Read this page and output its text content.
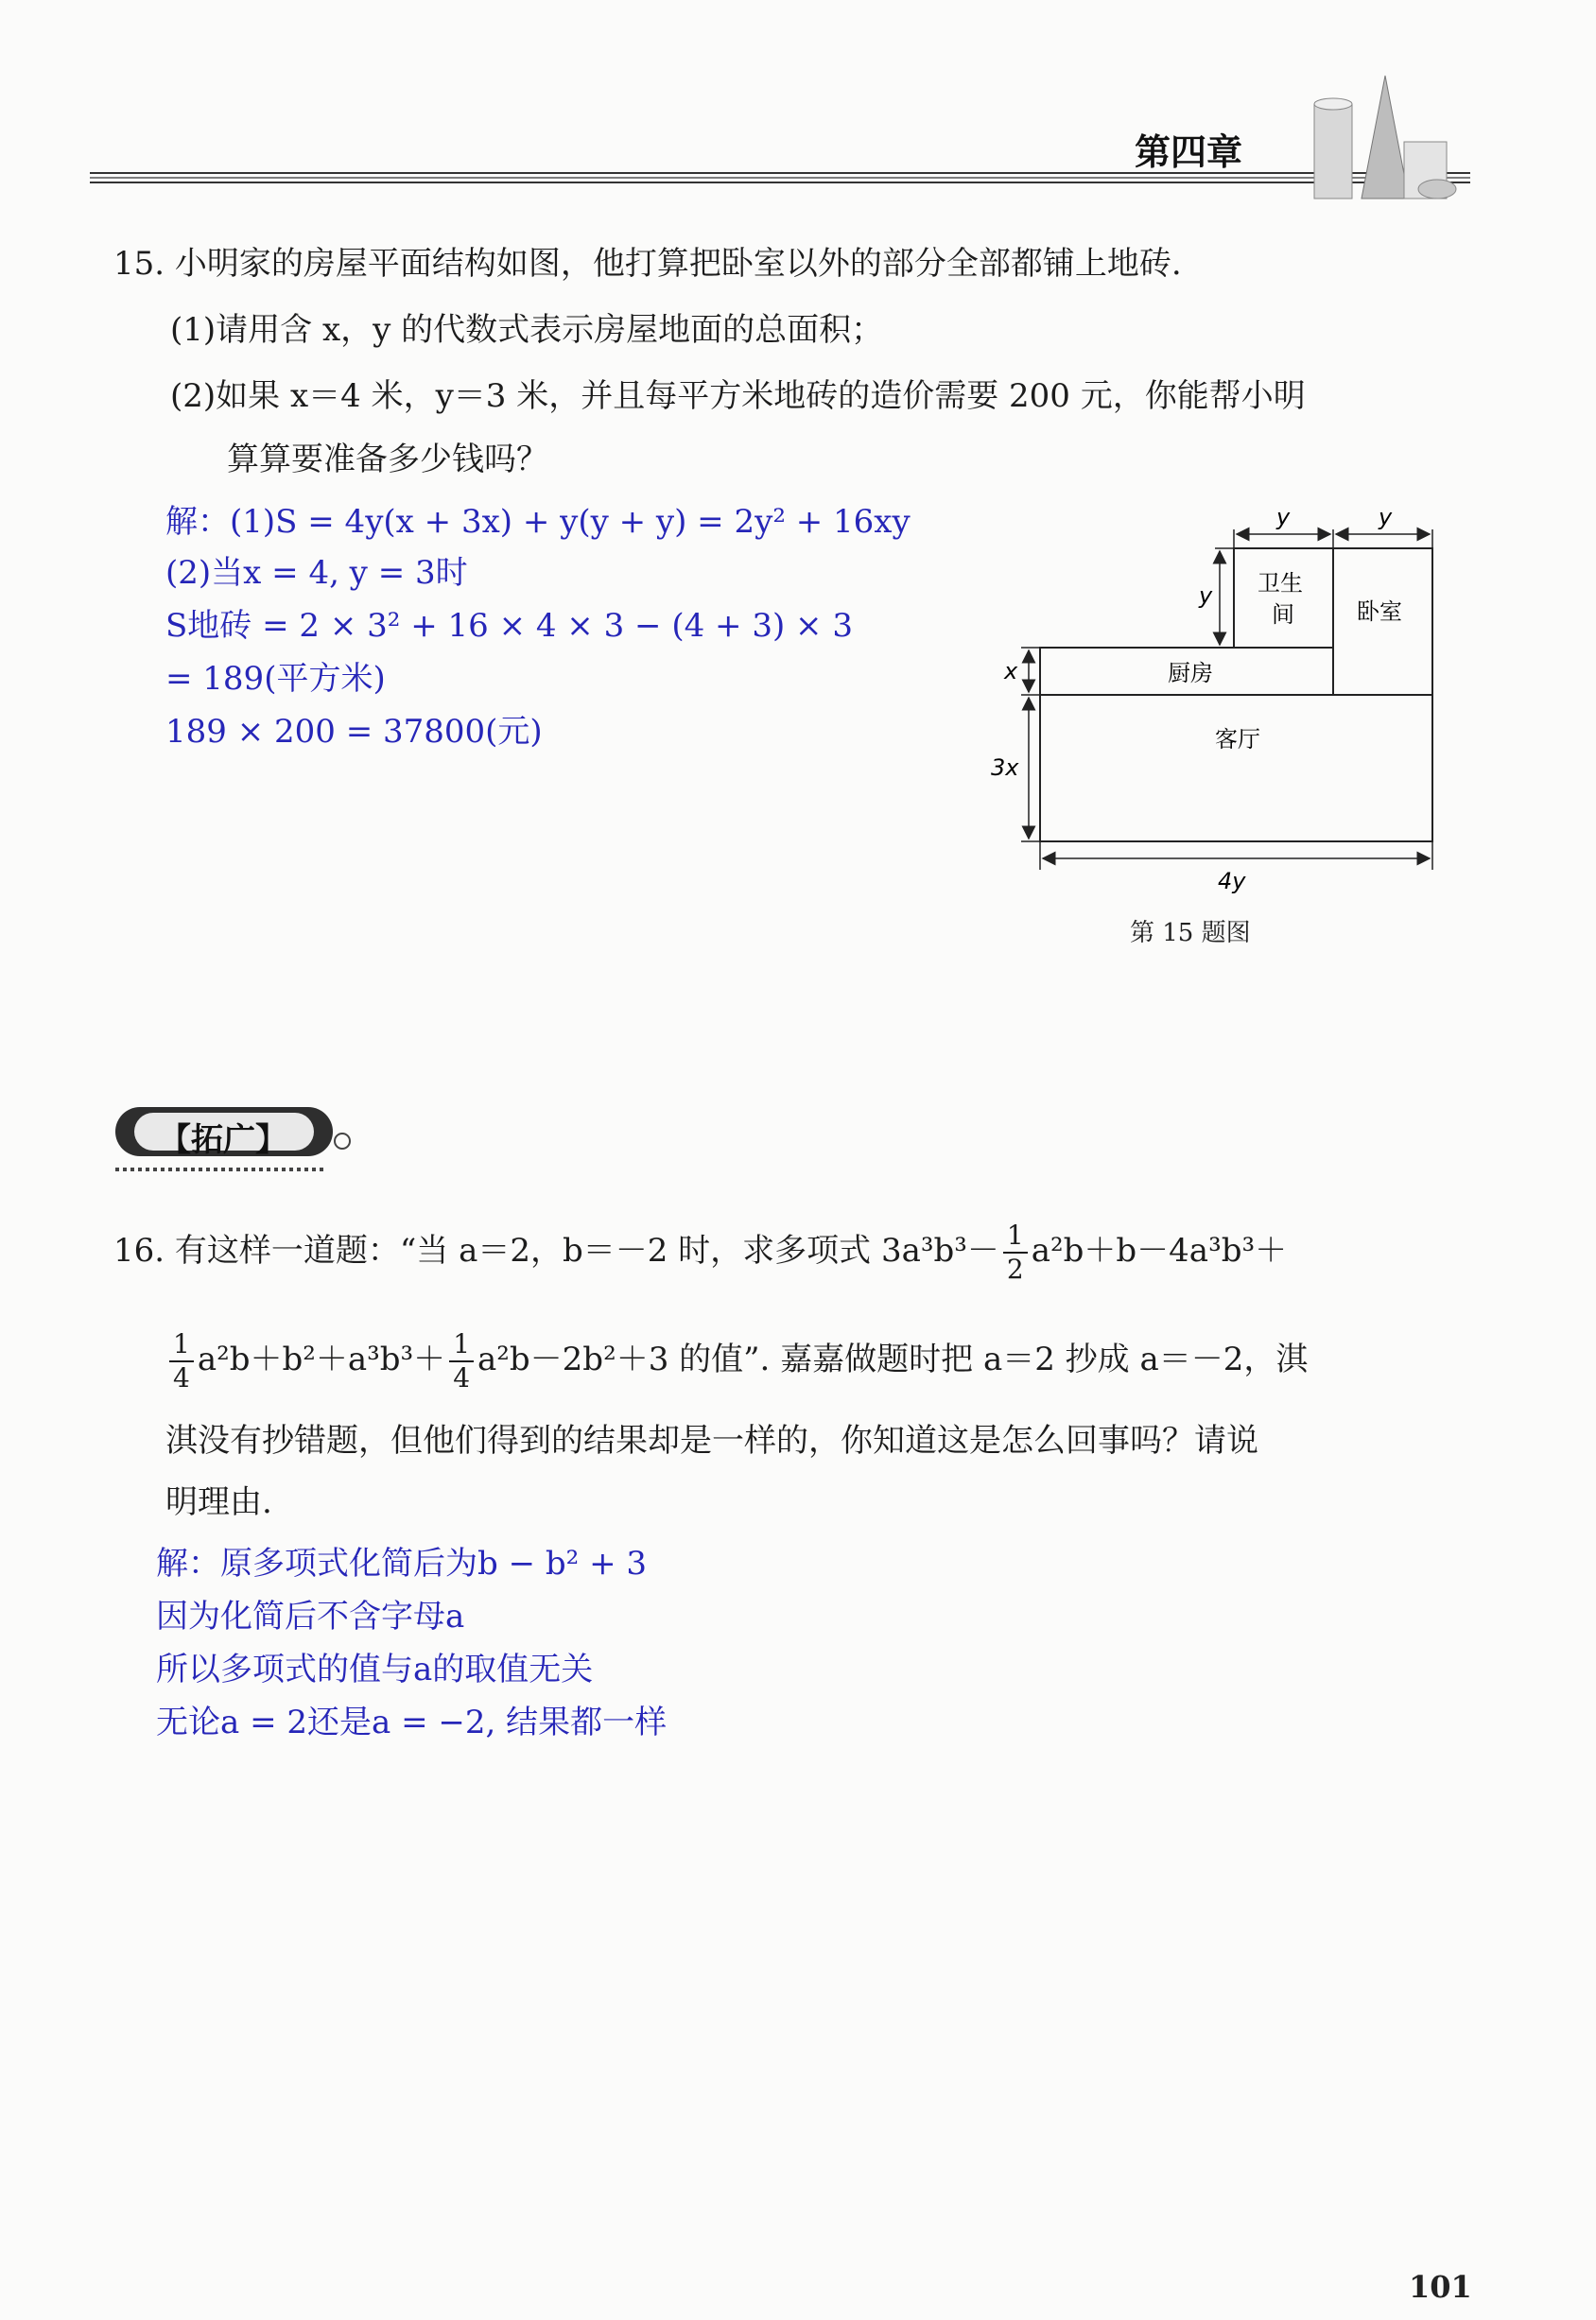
第四章
15. 小明家的房屋平面结构如图，他打算把卧室以外的部分全部都铺上地砖.
(1)请用含 x，y 的代数式表示房屋地面的总面积；
(2)如果 x＝4 米，y＝3 米，并且每平方米地砖的造价需要 200 元，你能帮小明
算算要准备多少钱吗？
解：(1)S = 4y(x + 3x) + y(y + y) = 2y² + 16xy
(2)当x = 4, y = 3时
S地砖 = 2 × 3² + 16 × 4 × 3 − (4 + 3) × 3
= 189(平方米)
189 × 200 = 37800(元)
y	y
y
x
3x
4y
卫生
间	卧室
厨房
客厅
第 15 题图
【拓广】
16. 有这样一道题：“当 a＝2，b＝－2 时，求多项式 $3a^3b^3- \frac{1}{2} a^2b+b-4a^3b^3+$
$\frac{1}{4} a^2b+b^2+a^3b^3+ \frac{1}{4} a^2b-2b^2+3$ 的值”. 嘉嘉做题时把 a＝2 抄成 a＝－2，淇
淇没有抄错题，但他们得到的结果却是一样的，你知道这是怎么回事吗？请说
明理由.
解：原多项式化简后为b − b² + 3
因为化简后不含字母a
所以多项式的值与a的取值无关
无论a = 2还是a = −2, 结果都一样
101
